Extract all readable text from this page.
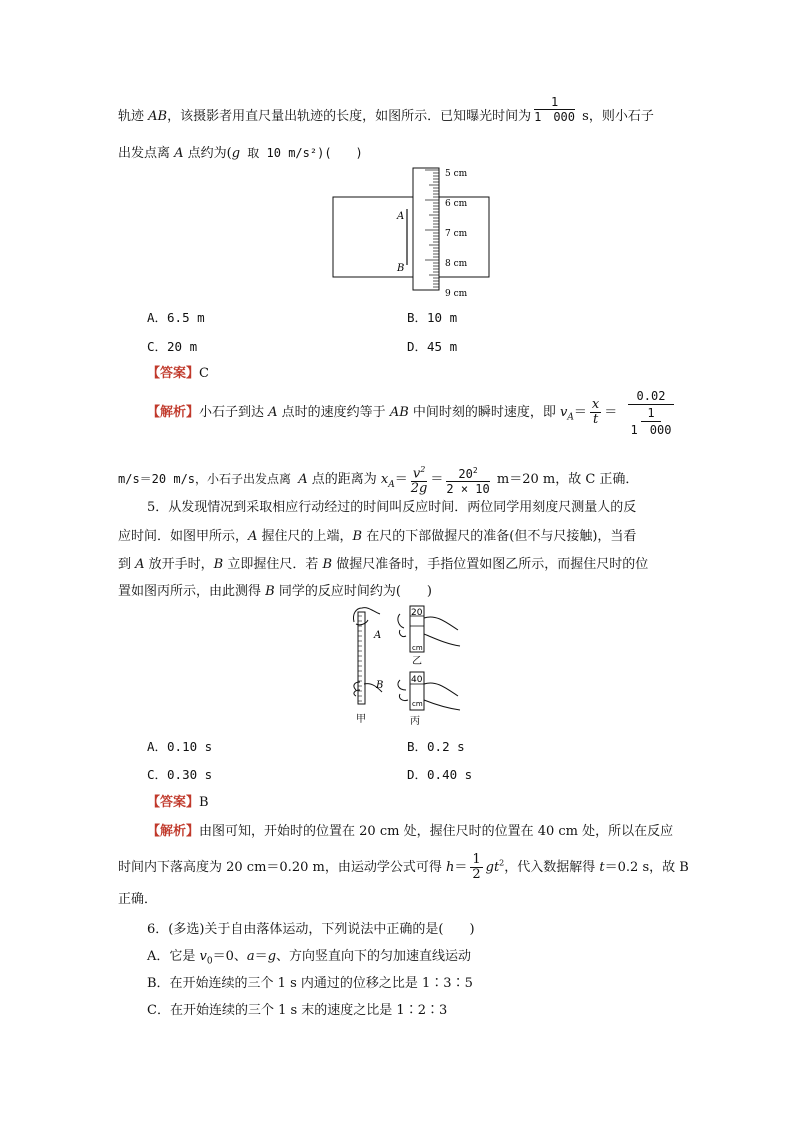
轨迹 AB，该摄影者用直尺量出轨迹的长度，如图所示．已知曝光时间为 $\frac{1}{1 000}$ s，则小石子
出发点离 A 点约为(g 取 10 m/s²)(　　)
A
B
5 cm
6 cm
7 cm
8 cm
9 cm
A．6.5 m	B．10 m
C．20 m	D．45 m
【答案】C
【解析】小石子到达 A 点时的速度约等于 AB 中间时刻的瞬时速度，即 $v_A= \frac{x}{t}$ ＝
0.02
1
1　000
m/s＝20 m/s，小石子出发点离 A 点的距离为 $x_A= \frac{v^2}{2g} = \frac{20^2}{2 \times 10} m=20$ m，故 C 正确．
5．从发现情况到采取相应行动经过的时间叫反应时间．两位同学用刻度尺测量人的反
应时间．如图甲所示，A 握住尺的上端，B 在尺的下部做握尺的准备(但不与尺接触)，当看
到 A 放开手时，B 立即握住尺．若 B 做握尺准备时，手指位置如图乙所示，而握住尺时的位
置如图丙所示，由此测得 B 同学的反应时间约为(　　)
A
B
甲
20
cm
乙
40
cm
丙
A．0.10 s	B．0.2 s
C．0.30 s	D．0.40 s
【答案】B
【解析】由图可知，开始时的位置在 20 cm 处，握住尺时的位置在 40 cm 处，所以在反应
时间内下落高度为 20 cm＝0.20 m，由运动学公式可得 $h= \frac{1}{2} gt^2$，代入数据解得 t＝0.2 s，故 B
正确．
6．(多选)关于自由落体运动，下列说法中正确的是(　　)
A．它是 $v_0=0$、a＝g、方向竖直向下的匀加速直线运动
B．在开始连续的三个 1 s 内通过的位移之比是 1∶3∶5
C．在开始连续的三个 1 s 末的速度之比是 1∶2∶3
